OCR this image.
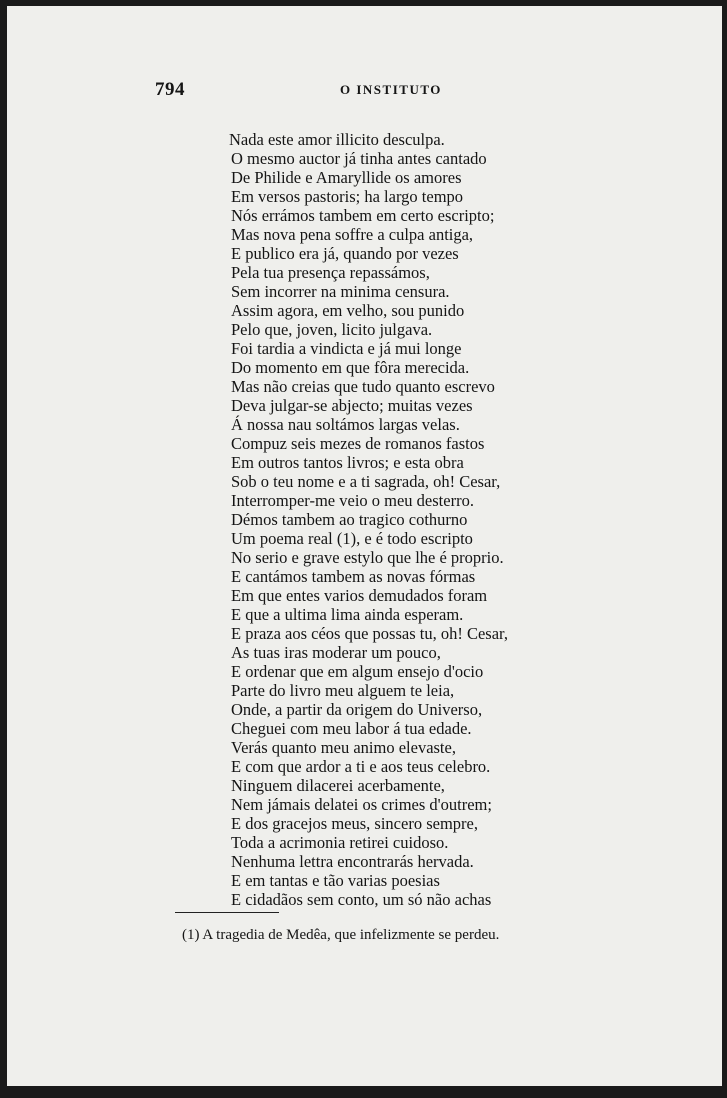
794	O INSTITUTO
Nada este amor illicito desculpa.
O mesmo auctor já tinha antes cantado
De Philide e Amaryllide os amores
Em versos pastoris; ha largo tempo
Nós errámos tambem em certo escripto;
Mas nova pena soffre a culpa antiga,
E publico era já, quando por vezes
Pela tua presença repassámos,
Sem incorrer na minima censura.
Assim agora, em velho, sou punido
Pelo que, joven, licito julgava.
Foi tardia a vindicta e já mui longe
Do momento em que fôra merecida.
Mas não creias que tudo quanto escrevo
Deva julgar-se abjecto; muitas vezes
Á nossa nau soltámos largas velas.
Compuz seis mezes de romanos fastos
Em outros tantos livros; e esta obra
Sob o teu nome e a ti sagrada, oh! Cesar,
Interromper-me veio o meu desterro.
Démos tambem ao tragico cothurno
Um poema real (1), e é todo escripto
No serio e grave estylo que lhe é proprio.
E cantámos tambem as novas fórmas
Em que entes varios demudados foram
E que a ultima lima ainda esperam.
E praza aos céos que possas tu, oh! Cesar,
As tuas iras moderar um pouco,
E ordenar que em algum ensejo d'ocio
Parte do livro meu alguem te leia,
Onde, a partir da origem do Universo,
Cheguei com meu labor á tua edade.
Verás quanto meu animo elevaste,
E com que ardor a ti e aos teus celebro.
Ninguem dilacerei acerbamente,
Nem jámais delatei os crimes d'outrem;
E dos gracejos meus, sincero sempre,
Toda a acrimonia retirei cuidoso.
Nenhuma lettra encontrarás hervada.
E em tantas e tão varias poesias
E cidadãos sem conto, um só não achas
(1) A tragedia de Medêa, que infelizmente se perdeu.
